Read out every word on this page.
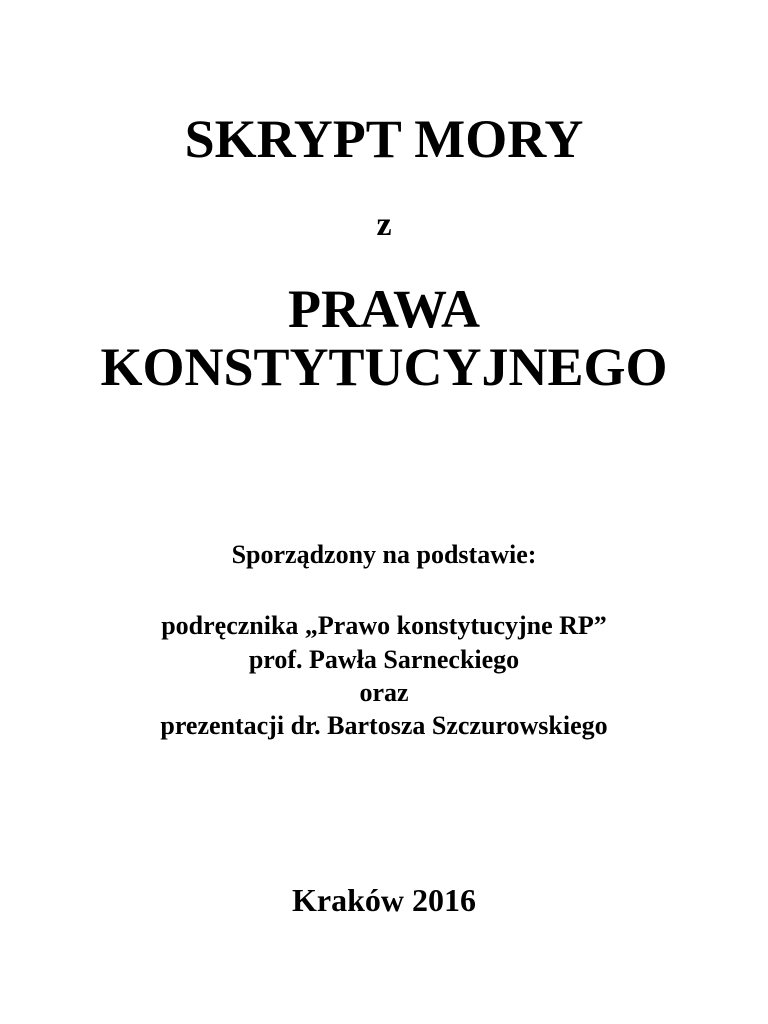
SKRYPT MORY
z
PRAWA
KONSTYTUCYJNEGO
Sporządzony na podstawie:
podręcznika „Prawo konstytucyjne RP”
prof. Pawła Sarneckiego
oraz
prezentacji dr. Bartosza Szczurowskiego
Kraków 2016
